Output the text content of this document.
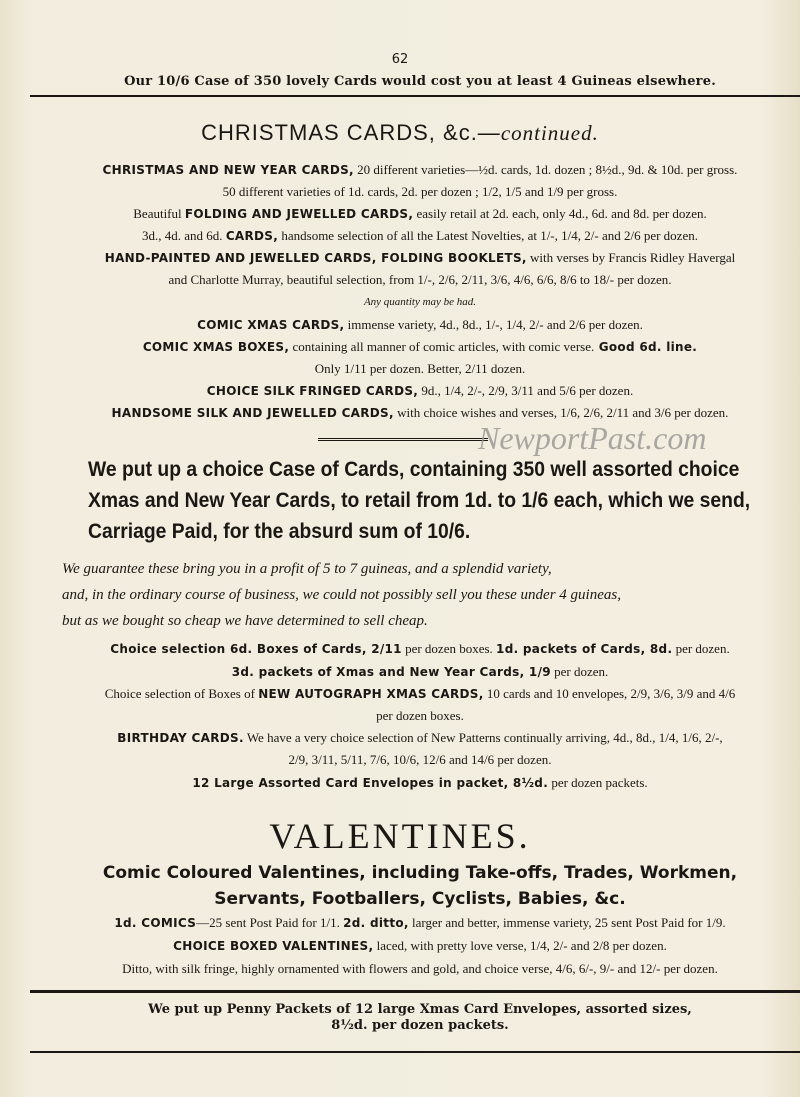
62
Our 10/6 Case of 350 lovely Cards would cost you at least 4 Guineas elsewhere.
CHRISTMAS CARDS, &c.—continued.
CHRISTMAS AND NEW YEAR CARDS, 20 different varieties—½d. cards, 1d. dozen ; 8½d., 9d. & 10d. per gross.
50 different varieties of 1d. cards, 2d. per dozen ; 1/2, 1/5 and 1/9 per gross.
Beautiful FOLDING AND JEWELLED CARDS, easily retail at 2d. each, only 4d., 6d. and 8d. per dozen.
3d., 4d. and 6d. CARDS, handsome selection of all the Latest Novelties, at 1/-, 1/4, 2/- and 2/6 per dozen.
HAND-PAINTED AND JEWELLED CARDS, FOLDING BOOKLETS, with verses by Francis Ridley Havergal
and Charlotte Murray, beautiful selection, from 1/-, 2/6, 2/11, 3/6, 4/6, 6/6, 8/6 to 18/- per dozen.
Any quantity may be had.
COMIC XMAS CARDS, immense variety, 4d., 8d., 1/-, 1/4, 2/- and 2/6 per dozen.
COMIC XMAS BOXES, containing all manner of comic articles, with comic verse. Good 6d. line.
Only 1/11 per dozen. Better, 2/11 dozen.
CHOICE SILK FRINGED CARDS, 9d., 1/4, 2/-, 2/9, 3/11 and 5/6 per dozen.
HANDSOME SILK AND JEWELLED CARDS, with choice wishes and verses, 1/6, 2/6, 2/11 and 3/6 per dozen.
NewportPast.com
We put up a choice Case of Cards, containing 350 well assorted choice
Xmas and New Year Cards, to retail from 1d. to 1/6 each, which we send,
Carriage Paid, for the absurd sum of 10/6.
We guarantee these bring you in a profit of 5 to 7 guineas, and a splendid variety,
and, in the ordinary course of business, we could not possibly sell you these under 4 guineas,
but as we bought so cheap we have determined to sell cheap.
Choice selection 6d. Boxes of Cards, 2/11 per dozen boxes. 1d. packets of Cards, 8d. per dozen.
3d. packets of Xmas and New Year Cards, 1/9 per dozen.
Choice selection of Boxes of NEW AUTOGRAPH XMAS CARDS, 10 cards and 10 envelopes, 2/9, 3/6, 3/9 and 4/6
per dozen boxes.
BIRTHDAY CARDS. We have a very choice selection of New Patterns continually arriving, 4d., 8d., 1/4, 1/6, 2/-,
2/9, 3/11, 5/11, 7/6, 10/6, 12/6 and 14/6 per dozen.
12 Large Assorted Card Envelopes in packet, 8½d. per dozen packets.
VALENTINES.
Comic Coloured Valentines, including Take-offs, Trades, Workmen,
Servants, Footballers, Cyclists, Babies, &c.
1d. COMICS—25 sent Post Paid for 1/1. 2d. ditto, larger and better, immense variety, 25 sent Post Paid for 1/9.
CHOICE BOXED VALENTINES, laced, with pretty love verse, 1/4, 2/- and 2/8 per dozen.
Ditto, with silk fringe, highly ornamented with flowers and gold, and choice verse, 4/6, 6/-, 9/- and 12/- per dozen.
We put up Penny Packets of 12 large Xmas Card Envelopes, assorted sizes,
8½d. per dozen packets.
